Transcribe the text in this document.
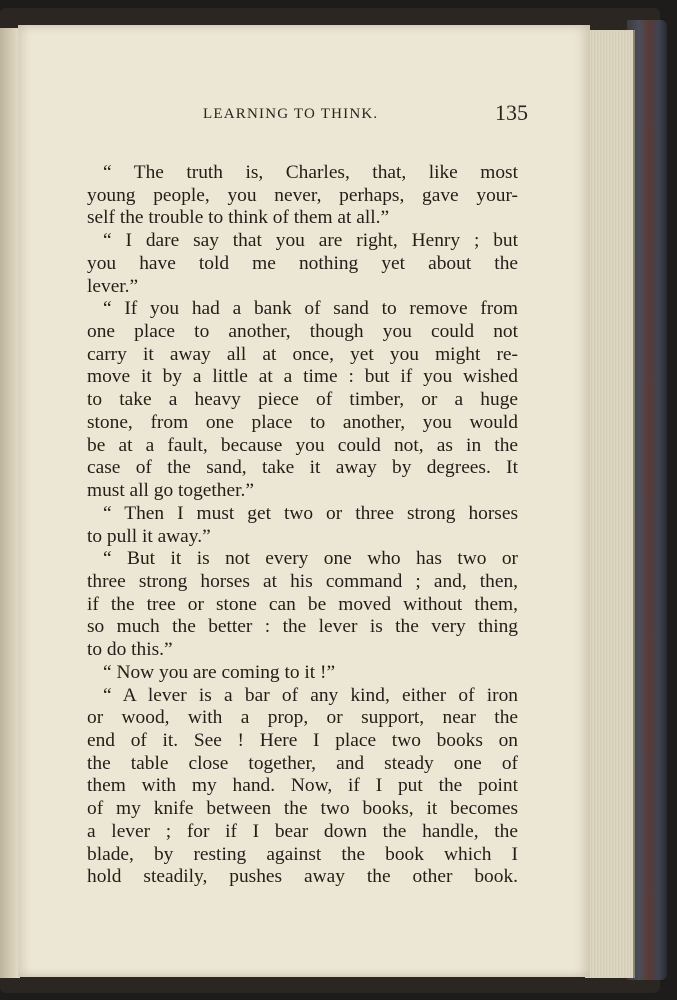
LEARNING TO THINK.	135
“ The truth is, Charles, that, like most
young people, you never, perhaps, gave your-
self the trouble to think of them at all.”
“ I dare say that you are right, Henry ; but
you have told me nothing yet about the
lever.”
“ If you had a bank of sand to remove from
one place to another, though you could not
carry it away all at once, yet you might re-
move it by a little at a time : but if you wished
to take a heavy piece of timber, or a huge
stone, from one place to another, you would
be at a fault, because you could not, as in the
case of the sand, take it away by degrees. It
must all go together.”
“ Then I must get two or three strong horses
to pull it away.”
“ But it is not every one who has two or
three strong horses at his command ; and, then,
if the tree or stone can be moved without them,
so much the better : the lever is the very thing
to do this.”
“ Now you are coming to it !”
“ A lever is a bar of any kind, either of iron
or wood, with a prop, or support, near the
end of it. See ! Here I place two books on
the table close together, and steady one of
them with my hand. Now, if I put the point
of my knife between the two books, it becomes
a lever ; for if I bear down the handle, the
blade, by resting against the book which I
hold steadily, pushes away the other book.
